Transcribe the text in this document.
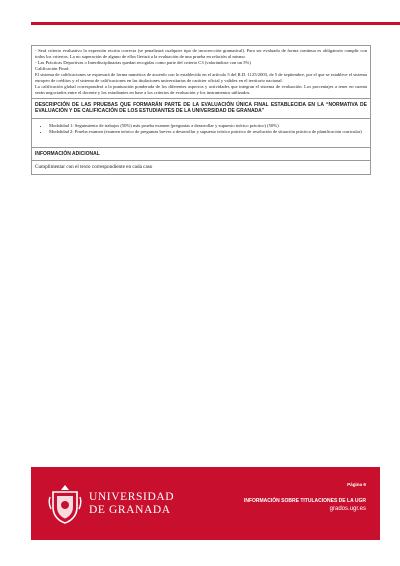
- Será criterio evaluativo la expresión escrita correcta (se penalizará cualquier tipo de incorrección gramatical). Para ser evaluado de forma continua es obligatorio cumplir con todos los criterios. La no superación de alguno de ellos llevará a la evaluación de una prueba en relación al mismo.

- Las Prácticas Deportivas o Interdisciplinarias quedan recogidas como parte del criterio C3 (valorándose con un 5%)

Calificación Final:

El sistema de calificaciones se expresará de forma numérica de acuerdo con lo establecido en el artículo 5 del R.D. 1125/2003, de 5 de septiembre, por el que se establece el sistema europeo de créditos y el sistema de calificaciones en las titulaciones universitarias de carácter oficial y validez en el territorio nacional.

La calificación global corresponderá a la puntuación ponderada de los diferentes aspectos y actividades que integran el sistema de evaluación. Los porcentajes a tener en cuenta serán negociados entre el docente y los estudiantes en base a los criterios de evaluación y los instrumentos utilizados.

DESCRIPCIÓN DE LAS PRUEBAS QUE FORMARÁN PARTE DE LA EVALUACIÓN ÚNICA FINAL ESTABLECIDA EN LA “NORMATIVA DE EVALUACIÓN Y DE CALIFICACIÓN DE LOS ESTUDIANTES DE LA UNIVERSIDAD DE GRANADA”
• Modalidad 1: Seguimiento de trabajos (50%) más prueba examen (preguntas a desarrollar y supuesto teórico práctico) (50%)
• Modalidad 2: Prueba examen (examen teórico de preguntas breves a desarrollar y supuesto teórico práctico de resolución de situación práctica de planificación curricular)
INFORMACIÓN ADICIONAL
Cumplimentar con el texto correspondiente en cada caso
UNIVERSIDAD
DE GRANADA
Página 6
INFORMACIÓN SOBRE TITULACIONES DE LA UGR
grados.ugr.es
